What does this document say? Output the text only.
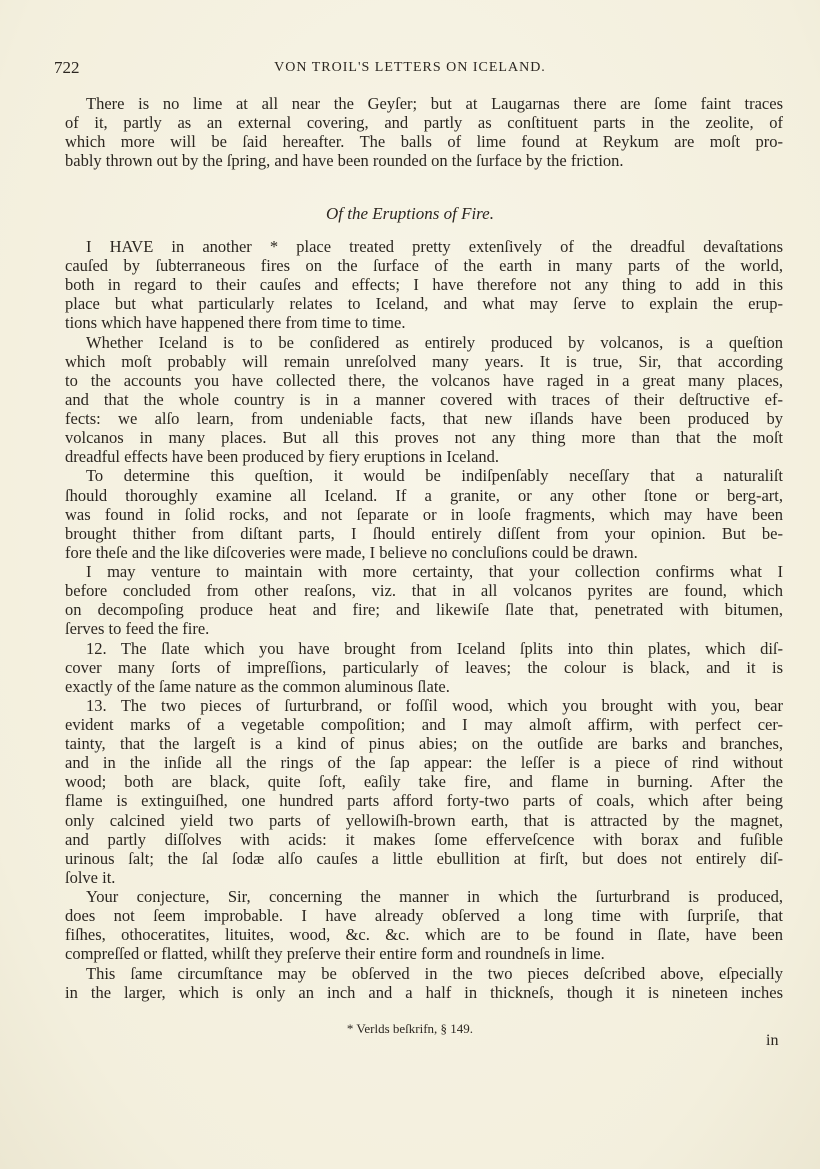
722	VON TROIL'S LETTERS ON ICELAND.
Of the Eruptions of Fire.
There is no lime at all near the Geyſer; but at Laugarnas there are ſome faint traces
of it, partly as an external covering, and partly as conſtituent parts in the zeolite, of
which more will be ſaid hereafter. The balls of lime found at Reykum are moſt pro-
bably thrown out by the ſpring, and have been rounded on the ſurface by the friction.
I HAVE in another * place treated pretty extenſively of the dreadful devaſtations
cauſed by ſubterraneous fires on the ſurface of the earth in many parts of the world,
both in regard to their cauſes and effects; I have therefore not any thing to add in this
place but what particularly relates to Iceland, and what may ſerve to explain the erup-
tions which have happened there from time to time.
Whether Iceland is to be conſidered as entirely produced by volcanos, is a queſtion
which moſt probably will remain unreſolved many years. It is true, Sir, that according
to the accounts you have collected there, the volcanos have raged in a great many places,
and that the whole country is in a manner covered with traces of their deſtructive ef-
fects: we alſo learn, from undeniable facts, that new iſlands have been produced by
volcanos in many places. But all this proves not any thing more than that the moſt
dreadful effects have been produced by fiery eruptions in Iceland.
To determine this queſtion, it would be indiſpenſably neceſſary that a naturaliſt
ſhould thoroughly examine all Iceland. If a granite, or any other ſtone or berg-art,
was found in ſolid rocks, and not ſeparate or in looſe fragments, which may have been
brought thither from diſtant parts, I ſhould entirely diſſent from your opinion. But be-
fore theſe and the like diſcoveries were made, I believe no concluſions could be drawn.
I may venture to maintain with more certainty, that your collection confirms what I
before concluded from other reaſons, viz. that in all volcanos pyrites are found, which
on decompoſing produce heat and fire; and likewiſe ſlate that, penetrated with bitumen,
ſerves to feed the fire.
12. The ſlate which you have brought from Iceland ſplits into thin plates, which diſ-
cover many ſorts of impreſſions, particularly of leaves; the colour is black, and it is
exactly of the ſame nature as the common aluminous ſlate.
13. The two pieces of ſurturbrand, or foſſil wood, which you brought with you, bear
evident marks of a vegetable compoſition; and I may almoſt affirm, with perfect cer-
tainty, that the largeſt is a kind of pinus abies; on the outſide are barks and branches,
and in the inſide all the rings of the ſap appear: the leſſer is a piece of rind without
wood; both are black, quite ſoft, eaſily take fire, and flame in burning. After the
flame is extinguiſhed, one hundred parts afford forty-two parts of coals, which after being
only calcined yield two parts of yellowiſh-brown earth, that is attracted by the magnet,
and partly diſſolves with acids: it makes ſome efferveſcence with borax and fuſible
urinous ſalt; the ſal ſodæ alſo cauſes a little ebullition at firſt, but does not entirely diſ-
ſolve it.
Your conjecture, Sir, concerning the manner in which the ſurturbrand is produced,
does not ſeem improbable. I have already obſerved a long time with ſurpriſe, that
fiſhes, othoceratites, lituites, wood, &c. &c. which are to be found in ſlate, have been
compreſſed or flatted, whilſt they preſerve their entire form and roundneſs in lime.
This ſame circumſtance may be obſerved in the two pieces deſcribed above, eſpecially
in the larger, which is only an inch and a half in thickneſs, though it is nineteen inches
* Verlds beſkrifn, § 149.
in
